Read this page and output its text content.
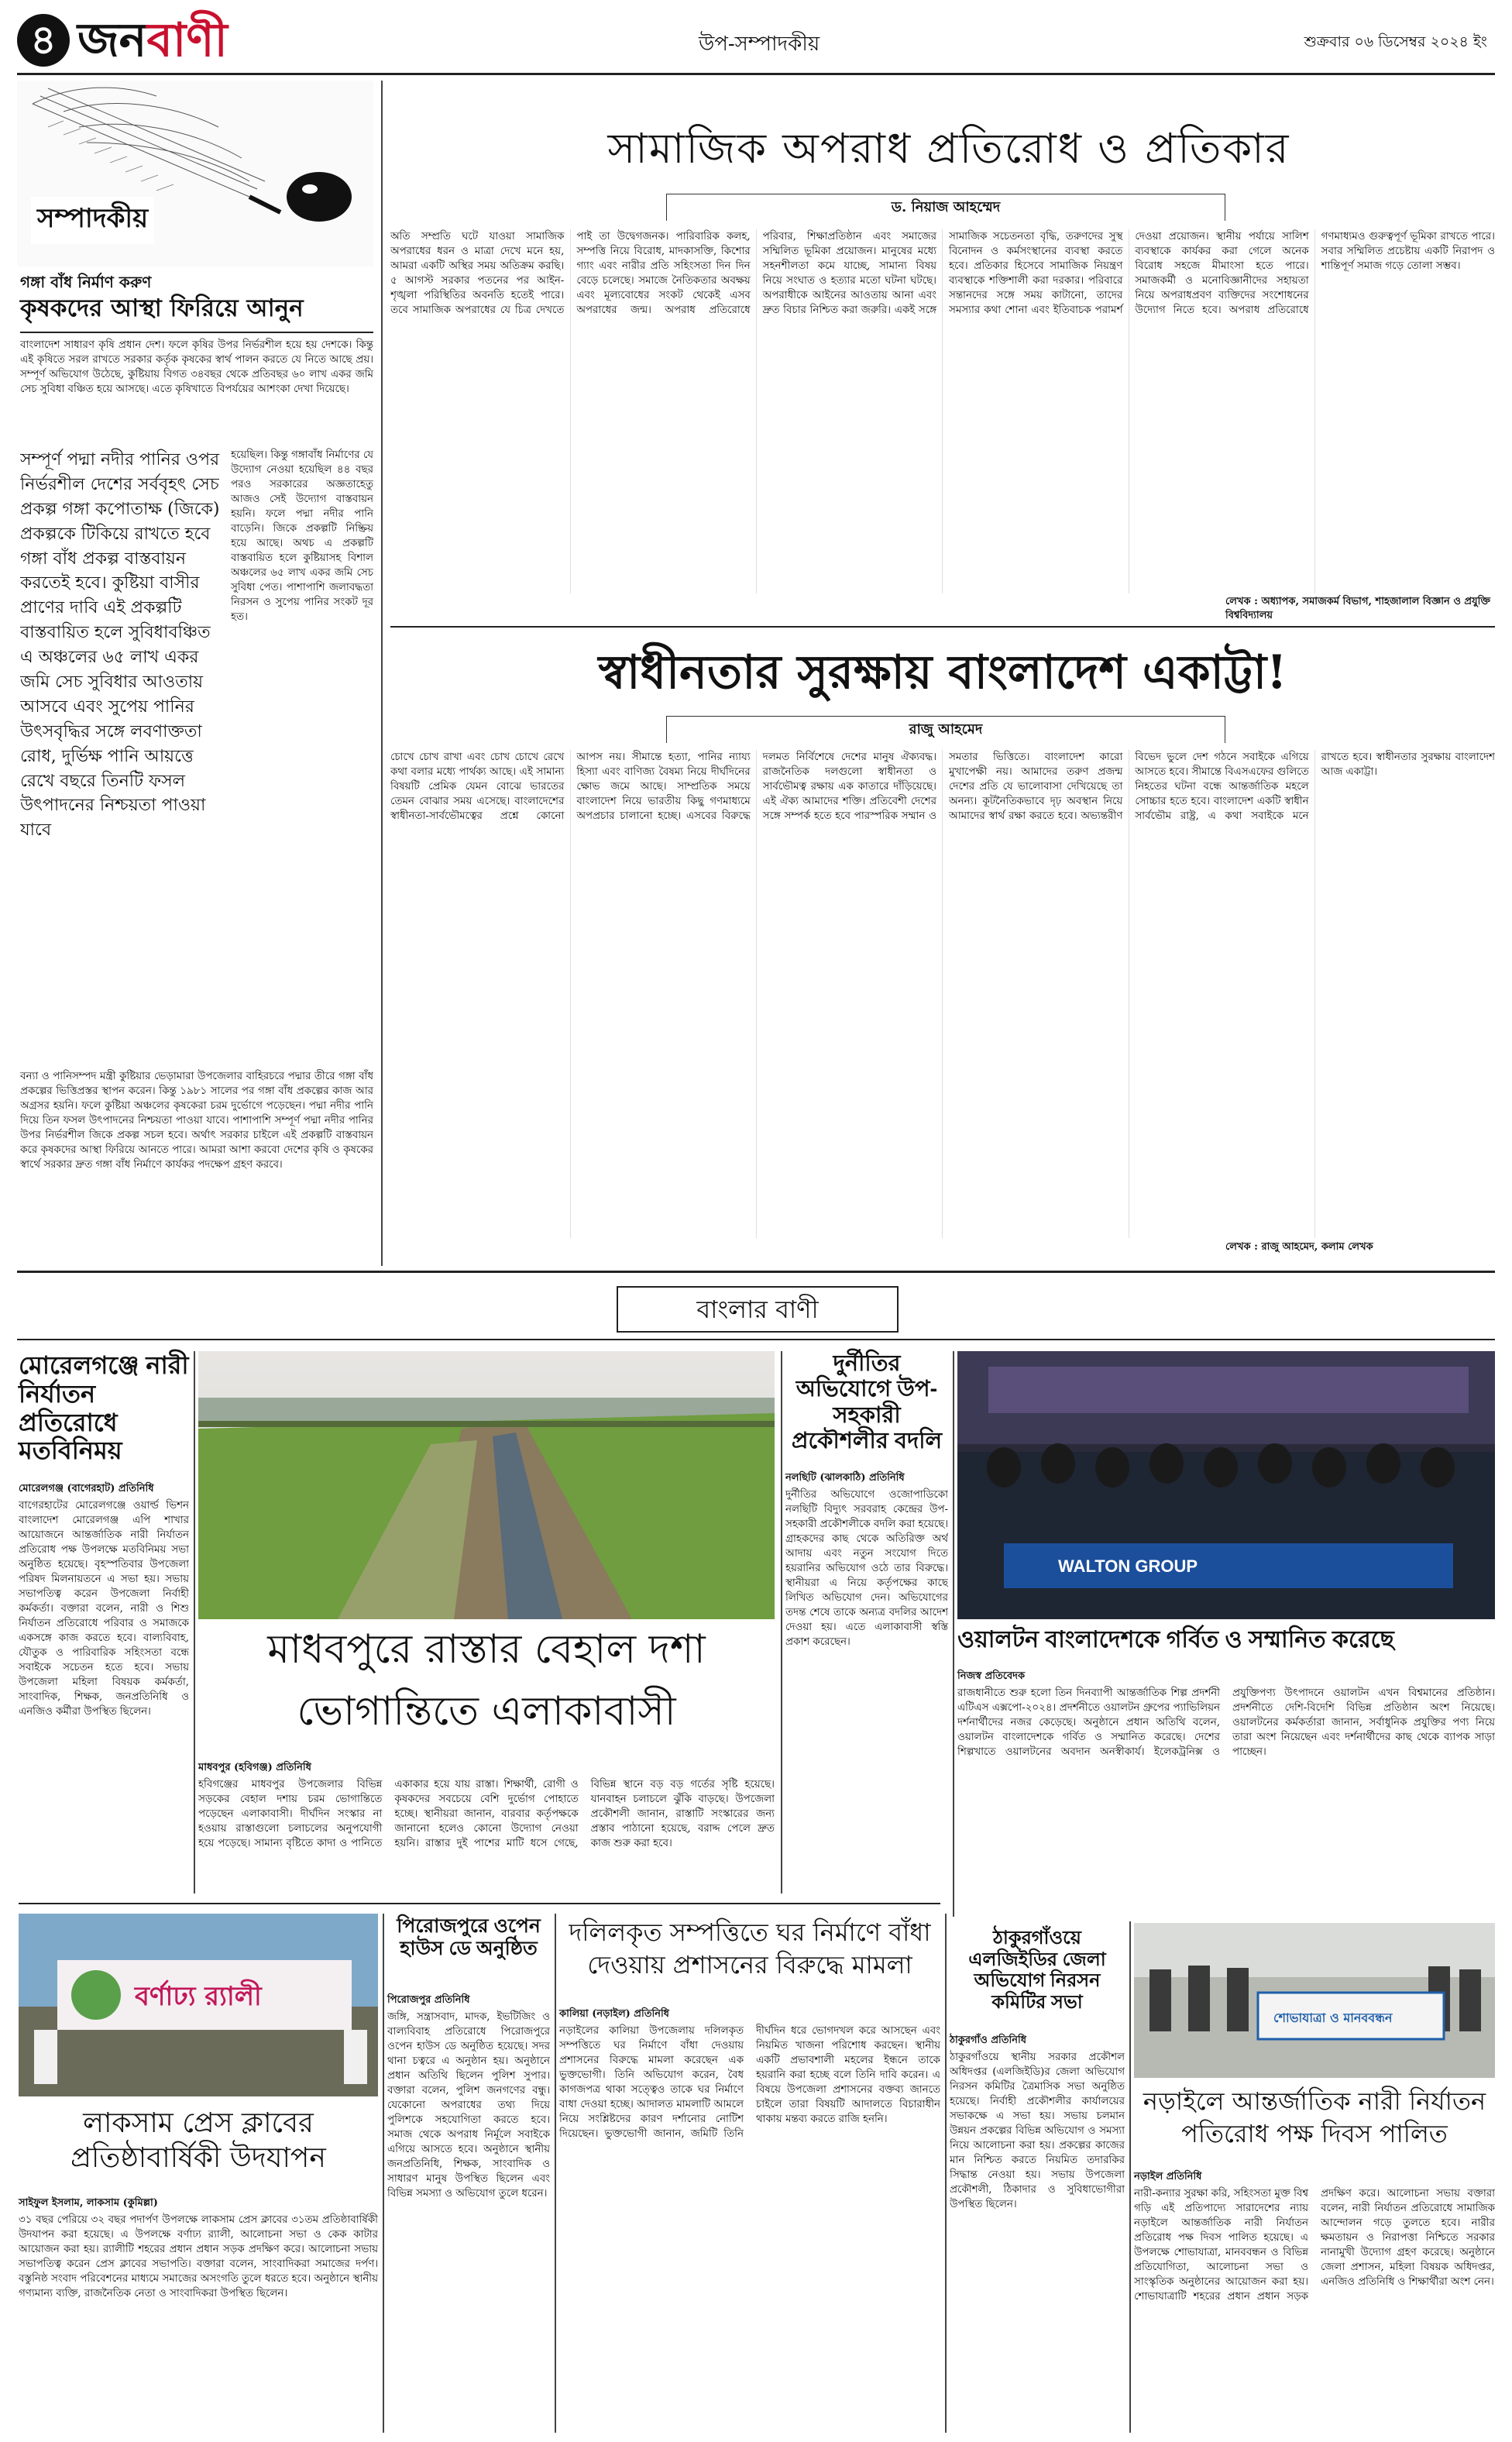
৪ জনবাণী	উপ-সম্পাদকীয়	শুক্রবার ০৬ ডিসেম্বর ২০২৪ ইং
সম্পাদকীয়
গঙ্গা বাঁধ নির্মাণ করুণ
কৃষকদের আস্থা ফিরিয়ে আনুন
বাংলাদেশ সাধারণ কৃষি প্রধান দেশ। ফলে কৃষির উপর নির্ভরশীল হয়ে হয় দেশকে। কিন্তু এই কৃষিতে সরল রাখতে সরকার কর্তৃক কৃষকের স্বার্থ পালন করতে যে নিতে আছে প্রয়। সম্পূর্ণ অভিযোগ উঠেছে, কুষ্টিয়ায় বিগত ৩৪বছর থেকে প্রতিবছর ৬০ লাখ একর জমি সেচ সুবিধা বঞ্চিত হয়ে আসছে। এতে কৃষিখাতে বিপর্যয়ের আশংকা দেখা দিয়েছে।
সম্পূর্ণ পদ্মা নদীর পানির ওপর নির্ভরশীল দেশের সর্ববৃহৎ সেচ প্রকল্প গঙ্গা কপোতাক্ষ (জিকে) প্রকল্পকে টিকিয়ে রাখতে হবে গঙ্গা বাঁধ প্রকল্প বাস্তবায়ন করতেই হবে। কুষ্টিয়া বাসীর প্রাণের দাবি এই প্রকল্পটি বাস্তবায়িত হলে সুবিধাবঞ্চিত এ অঞ্চলের ৬৫ লাখ একর জমি সেচ সুবিধার আওতায় আসবে এবং সুপেয় পানির উৎসবৃদ্ধির সঙ্গে লবণাক্ততা রোধ, দুর্ভিক্ষ পানি আয়ত্তে রেখে বছরে তিনটি ফসল উৎপাদনের নিশ্চয়তা পাওয়া যাবে
হয়েছিল। কিন্তু গঙ্গাবাঁধ নির্মাণের যে উদ্যোগ নেওয়া হয়েছিল ৪৪ বছর পরও সরকারের অজ্ঞতাহেতু আজও সেই উদ্যোগ বাস্তবায়ন হয়নি। ফলে পদ্মা নদীর পানি বাড়েনি। জিকে প্রকল্পটি নিষ্ক্রিয় হয়ে আছে। অথচ এ প্রকল্পটি বাস্তবায়িত হলে কুষ্টিয়াসহ বিশাল অঞ্চলের ৬৫ লাখ একর জমি সেচ সুবিধা পেত। পাশাপাশি জলাবদ্ধতা নিরসন ও সুপেয় পানির সংকট দূর হত।
বন্যা ও পানিসম্পদ মন্ত্রী কুষ্টিয়ার ভেড়ামারা উপজেলার বাহিরচরে পদ্মার তীরে গঙ্গা বাঁধ প্রকল্পের ভিত্তিপ্রস্তর স্থাপন করেন। কিন্তু ১৯৮১ সালের পর গঙ্গা বাঁধ প্রকল্পের কাজ আর অগ্রসর হয়নি। ফলে কুষ্টিয়া অঞ্চলের কৃষকেরা চরম দুর্ভোগে পড়েছেন। পদ্মা নদীর পানি দিয়ে তিন ফসল উৎপাদনের নিশ্চয়তা পাওয়া যাবে। পাশাপাশি সম্পূর্ণ পদ্মা নদীর পানির উপর নির্ভরশীল জিকে প্রকল্প সচল হবে। অর্থাৎ সরকার চাইলে এই প্রকল্পটি বাস্তবায়ন করে কৃষকদের আস্থা ফিরিয়ে আনতে পারে। আমরা আশা করবো দেশের কৃষি ও কৃষকের স্বার্থে সরকার দ্রুত গঙ্গা বাঁধ নির্মাণে কার্যকর পদক্ষেপ গ্রহণ করবে।
সামাজিক অপরাধ প্রতিরোধ ও প্রতিকার
ড. নিয়াজ আহম্মেদ
অতি সম্প্রতি ঘটে যাওয়া সামাজিক অপরাধের ধরন ও মাত্রা দেখে মনে হয়, আমরা একটি অস্থির সময় অতিক্রম করছি। ৫ আগস্ট সরকার পতনের পর আইন-শৃঙ্খলা পরিস্থিতির অবনতি হতেই পারে। তবে সামাজিক অপরাধের যে চিত্র দেখতে পাই তা উদ্বেগজনক। পারিবারিক কলহ, সম্পত্তি নিয়ে বিরোধ, মাদকাসক্তি, কিশোর গ্যাং এবং নারীর প্রতি সহিংসতা দিন দিন বেড়ে চলেছে। সমাজে নৈতিকতার অবক্ষয় এবং মূল্যবোধের সংকট থেকেই এসব অপরাধের জন্ম। অপরাধ প্রতিরোধে পরিবার, শিক্ষাপ্রতিষ্ঠান এবং সমাজের সম্মিলিত ভূমিকা প্রয়োজন। মানুষের মধ্যে সহনশীলতা কমে যাচ্ছে, সামান্য বিষয় নিয়ে সংঘাত ও হত্যার মতো ঘটনা ঘটছে। অপরাধীকে আইনের আওতায় আনা এবং দ্রুত বিচার নিশ্চিত করা জরুরি। একই সঙ্গে সামাজিক সচেতনতা বৃদ্ধি, তরুণদের সুস্থ বিনোদন ও কর্মসংস্থানের ব্যবস্থা করতে হবে। প্রতিকার হিসেবে সামাজিক নিয়ন্ত্রণ ব্যবস্থাকে শক্তিশালী করা দরকার। পরিবারে সন্তানদের সঙ্গে সময় কাটানো, তাদের সমস্যার কথা শোনা এবং ইতিবাচক পরামর্শ দেওয়া প্রয়োজন। স্থানীয় পর্যায়ে সালিশ ব্যবস্থাকে কার্যকর করা গেলে অনেক বিরোধ সহজে মীমাংসা হতে পারে। সমাজকর্মী ও মনোবিজ্ঞানীদের সহায়তা নিয়ে অপরাধপ্রবণ ব্যক্তিদের সংশোধনের উদ্যোগ নিতে হবে। অপরাধ প্রতিরোধে গণমাধ্যমও গুরুত্বপূর্ণ ভূমিকা রাখতে পারে। সবার সম্মিলিত প্রচেষ্টায় একটি নিরাপদ ও শান্তিপূর্ণ সমাজ গড়ে তোলা সম্ভব।
লেখক : অধ্যাপক, সমাজকর্ম বিভাগ, শাহজালাল বিজ্ঞান ও প্রযুক্তি বিশ্ববিদ্যালয়
স্বাধীনতার সুরক্ষায় বাংলাদেশ একাট্টা!
রাজু আহমেদ
চোখে চোখ রাখা এবং চোখ চোখে রেখে কথা বলার মধ্যে পার্থক্য আছে। এই সামান্য বিষয়টি প্রেমিক যেমন বোঝে ভারতের তেমন বোঝার সময় এসেছে। বাংলাদেশের স্বাধীনতা-সার্বভৌমত্বের প্রশ্নে কোনো আপস নয়। সীমান্তে হত্যা, পানির ন্যায্য হিস্যা এবং বাণিজ্য বৈষম্য নিয়ে দীর্ঘদিনের ক্ষোভ জমে আছে। সাম্প্রতিক সময়ে বাংলাদেশ নিয়ে ভারতীয় কিছু গণমাধ্যমে অপপ্রচার চালানো হচ্ছে। এসবের বিরুদ্ধে দলমত নির্বিশেষে দেশের মানুষ ঐক্যবদ্ধ। রাজনৈতিক দলগুলো স্বাধীনতা ও সার্বভৌমত্ব রক্ষায় এক কাতারে দাঁড়িয়েছে। এই ঐক্য আমাদের শক্তি। প্রতিবেশী দেশের সঙ্গে সম্পর্ক হতে হবে পারস্পরিক সম্মান ও সমতার ভিত্তিতে। বাংলাদেশ কারো মুখাপেক্ষী নয়। আমাদের তরুণ প্রজন্ম দেশের প্রতি যে ভালোবাসা দেখিয়েছে তা অনন্য। কূটনৈতিকভাবে দৃঢ় অবস্থান নিয়ে আমাদের স্বার্থ রক্ষা করতে হবে। অভ্যন্তরীণ বিভেদ ভুলে দেশ গঠনে সবাইকে এগিয়ে আসতে হবে। সীমান্তে বিএসএফের গুলিতে নিহতের ঘটনা বন্ধে আন্তর্জাতিক মহলে সোচ্চার হতে হবে। বাংলাদেশ একটি স্বাধীন সার্বভৌম রাষ্ট্র, এ কথা সবাইকে মনে রাখতে হবে। স্বাধীনতার সুরক্ষায় বাংলাদেশ আজ একাট্টা।
লেখক : রাজু আহমেদ, কলাম লেখক
বাংলার বাণী
মোরেলগঞ্জে নারী নির্যাতন প্রতিরোধে মতবিনিময়
মোরেলগঞ্জ (বাগেরহাট) প্রতিনিধি
বাগেরহাটের মোরেলগঞ্জে ওয়ার্ল্ড ভিশন বাংলাদেশ মোরেলগঞ্জ এপি শাখার আয়োজনে আন্তর্জাতিক নারী নির্যাতন প্রতিরোধ পক্ষ উপলক্ষে মতবিনিময় সভা অনুষ্ঠিত হয়েছে। বৃহস্পতিবার উপজেলা পরিষদ মিলনায়তনে এ সভা হয়। সভায় সভাপতিত্ব করেন উপজেলা নির্বাহী কর্মকর্তা। বক্তারা বলেন, নারী ও শিশু নির্যাতন প্রতিরোধে পরিবার ও সমাজকে একসঙ্গে কাজ করতে হবে। বাল্যবিবাহ, যৌতুক ও পারিবারিক সহিংসতা বন্ধে সবাইকে সচেতন হতে হবে। সভায় উপজেলা মহিলা বিষয়ক কর্মকর্তা, সাংবাদিক, শিক্ষক, জনপ্রতিনিধি ও এনজিও কর্মীরা উপস্থিত ছিলেন।
মাধবপুরে রাস্তার বেহাল দশা
ভোগান্তিতে এলাকাবাসী
মাধবপুর (হবিগঞ্জ) প্রতিনিধি
হবিগঞ্জের মাধবপুর উপজেলার বিভিন্ন সড়কের বেহাল দশায় চরম ভোগান্তিতে পড়েছেন এলাকাবাসী। দীর্ঘদিন সংস্কার না হওয়ায় রাস্তাগুলো চলাচলের অনুপযোগী হয়ে পড়েছে। সামান্য বৃষ্টিতে কাদা ও পানিতে একাকার হয়ে যায় রাস্তা। শিক্ষার্থী, রোগী ও কৃষকদের সবচেয়ে বেশি দুর্ভোগ পোহাতে হচ্ছে। স্থানীয়রা জানান, বারবার কর্তৃপক্ষকে জানানো হলেও কোনো উদ্যোগ নেওয়া হয়নি। রাস্তার দুই পাশের মাটি ধসে গেছে, বিভিন্ন স্থানে বড় বড় গর্তের সৃষ্টি হয়েছে। যানবাহন চলাচলে ঝুঁকি বাড়ছে। উপজেলা প্রকৌশলী জানান, রাস্তাটি সংস্কারের জন্য প্রস্তাব পাঠানো হয়েছে, বরাদ্দ পেলে দ্রুত কাজ শুরু করা হবে।
দুর্নীতির অভিযোগে উপ-সহকারী প্রকৌশলীর বদলি
নলছিটি (ঝালকাঠি) প্রতিনিধি
দুর্নীতির অভিযোগে ওজোপাডিকো নলছিটি বিদ্যুৎ সরবরাহ কেন্দ্রের উপ-সহকারী প্রকৌশলীকে বদলি করা হয়েছে। গ্রাহকদের কাছ থেকে অতিরিক্ত অর্থ আদায় এবং নতুন সংযোগ দিতে হয়রানির অভিযোগ ওঠে তার বিরুদ্ধে। স্থানীয়রা এ নিয়ে কর্তৃপক্ষের কাছে লিখিত অভিযোগ দেন। অভিযোগের তদন্ত শেষে তাকে অন্যত্র বদলির আদেশ দেওয়া হয়। এতে এলাকাবাসী স্বস্তি প্রকাশ করেছেন।
WALTON GROUP
ওয়ালটন বাংলাদেশকে গর্বিত ও সম্মানিত করেছে
নিজস্ব প্রতিবেদক
রাজধানীতে শুরু হলো তিন দিনব্যাপী আন্তর্জাতিক শিল্প প্রদর্শনী এটিএস এক্সপো-২০২৪। প্রদর্শনীতে ওয়ালটন গ্রুপের প্যাভিলিয়ন দর্শনার্থীদের নজর কেড়েছে। অনুষ্ঠানে প্রধান অতিথি বলেন, ওয়ালটন বাংলাদেশকে গর্বিত ও সম্মানিত করেছে। দেশের শিল্পখাতে ওয়ালটনের অবদান অনস্বীকার্য। ইলেকট্রনিক্স ও প্রযুক্তিপণ্য উৎপাদনে ওয়ালটন এখন বিশ্বমানের প্রতিষ্ঠান। প্রদর্শনীতে দেশি-বিদেশি বিভিন্ন প্রতিষ্ঠান অংশ নিয়েছে। ওয়ালটনের কর্মকর্তারা জানান, সর্বাধুনিক প্রযুক্তির পণ্য নিয়ে তারা অংশ নিয়েছেন এবং দর্শনার্থীদের কাছ থেকে ব্যাপক সাড়া পাচ্ছেন।
বর্ণাঢ্য র‍্যালী
লাকসাম প্রেস ক্লাবের প্রতিষ্ঠাবার্ষিকী উদযাপন
সাইফুল ইসলাম, লাকসাম (কুমিল্লা)
৩১ বছর পেরিয়ে ৩২ বছর পদার্পণ উপলক্ষে লাকসাম প্রেস ক্লাবের ৩১তম প্রতিষ্ঠাবার্ষিকী উদযাপন করা হয়েছে। এ উপলক্ষে বর্ণাঢ্য র‍্যালী, আলোচনা সভা ও কেক কাটার আয়োজন করা হয়। র‍্যালীটি শহরের প্রধান প্রধান সড়ক প্রদক্ষিণ করে। আলোচনা সভায় সভাপতিত্ব করেন প্রেস ক্লাবের সভাপতি। বক্তারা বলেন, সাংবাদিকরা সমাজের দর্পণ। বস্তুনিষ্ঠ সংবাদ পরিবেশনের মাধ্যমে সমাজের অসংগতি তুলে ধরতে হবে। অনুষ্ঠানে স্থানীয় গণ্যমান্য ব্যক্তি, রাজনৈতিক নেতা ও সাংবাদিকরা উপস্থিত ছিলেন।
পিরোজপুরে ওপেন হাউস ডে অনুষ্ঠিত
পিরোজপুর প্রতিনিধি
জঙ্গি, সন্ত্রাসবাদ, মাদক, ইভটিজিং ও বাল্যবিবাহ প্রতিরোধে পিরোজপুরে ওপেন হাউস ডে অনুষ্ঠিত হয়েছে। সদর থানা চত্বরে এ অনুষ্ঠান হয়। অনুষ্ঠানে প্রধান অতিথি ছিলেন পুলিশ সুপার। বক্তারা বলেন, পুলিশ জনগণের বন্ধু। যেকোনো অপরাধের তথ্য দিয়ে পুলিশকে সহযোগিতা করতে হবে। সমাজ থেকে অপরাধ নির্মূলে সবাইকে এগিয়ে আসতে হবে। অনুষ্ঠানে স্থানীয় জনপ্রতিনিধি, শিক্ষক, সাংবাদিক ও সাধারণ মানুষ উপস্থিত ছিলেন এবং বিভিন্ন সমস্যা ও অভিযোগ তুলে ধরেন।
দলিলকৃত সম্পত্তিতে ঘর নির্মাণে বাঁধা দেওয়ায় প্রশাসনের বিরুদ্ধে মামলা
কালিয়া (নড়াইল) প্রতিনিধি
নড়াইলের কালিয়া উপজেলায় দলিলকৃত সম্পত্তিতে ঘর নির্মাণে বাঁধা দেওয়ায় প্রশাসনের বিরুদ্ধে মামলা করেছেন এক ভুক্তভোগী। তিনি অভিযোগ করেন, বৈধ কাগজপত্র থাকা সত্ত্বেও তাকে ঘর নির্মাণে বাধা দেওয়া হচ্ছে। আদালত মামলাটি আমলে নিয়ে সংশ্লিষ্টদের কারণ দর্শানোর নোটিশ দিয়েছেন। ভুক্তভোগী জানান, জমিটি তিনি দীর্ঘদিন ধরে ভোগদখল করে আসছেন এবং নিয়মিত খাজনা পরিশোধ করছেন। স্থানীয় একটি প্রভাবশালী মহলের ইন্ধনে তাকে হয়রানি করা হচ্ছে বলে তিনি দাবি করেন। এ বিষয়ে উপজেলা প্রশাসনের বক্তব্য জানতে চাইলে তারা বিষয়টি আদালতে বিচারাধীন থাকায় মন্তব্য করতে রাজি হননি।
ঠাকুরগাঁওয়ে এলজিইডির জেলা অভিযোগ নিরসন কমিটির সভা
ঠাকুরগাঁও প্রতিনিধি
ঠাকুরগাঁওয়ে স্থানীয় সরকার প্রকৌশল অধিদপ্তর (এলজিইডি)র জেলা অভিযোগ নিরসন কমিটির ত্রৈমাসিক সভা অনুষ্ঠিত হয়েছে। নির্বাহী প্রকৌশলীর কার্যালয়ের সভাকক্ষে এ সভা হয়। সভায় চলমান উন্নয়ন প্রকল্পের বিভিন্ন অভিযোগ ও সমস্যা নিয়ে আলোচনা করা হয়। প্রকল্পের কাজের মান নিশ্চিত করতে নিয়মিত তদারকির সিদ্ধান্ত নেওয়া হয়। সভায় উপজেলা প্রকৌশলী, ঠিকাদার ও সুবিধাভোগীরা উপস্থিত ছিলেন।
শোভাযাত্রা ও মানববন্ধন
নড়াইলে আন্তর্জাতিক নারী নির্যাতন পতিরোধ পক্ষ দিবস পালিত
নড়াইল প্রতিনিধি
নারী-কন্যার সুরক্ষা করি, সহিংসতা মুক্ত বিশ্ব গড়ি এই প্রতিপাদ্যে সারাদেশের ন্যায় নড়াইলে আন্তর্জাতিক নারী নির্যাতন প্রতিরোধ পক্ষ দিবস পালিত হয়েছে। এ উপলক্ষে শোভাযাত্রা, মানববন্ধন ও বিভিন্ন প্রতিযোগিতা, আলোচনা সভা ও সাংস্কৃতিক অনুষ্ঠানের আয়োজন করা হয়। শোভাযাত্রাটি শহরের প্রধান প্রধান সড়ক প্রদক্ষিণ করে। আলোচনা সভায় বক্তারা বলেন, নারী নির্যাতন প্রতিরোধে সামাজিক আন্দোলন গড়ে তুলতে হবে। নারীর ক্ষমতায়ন ও নিরাপত্তা নিশ্চিতে সরকার নানামুখী উদ্যোগ গ্রহণ করেছে। অনুষ্ঠানে জেলা প্রশাসন, মহিলা বিষয়ক অধিদপ্তর, এনজিও প্রতিনিধি ও শিক্ষার্থীরা অংশ নেন।
